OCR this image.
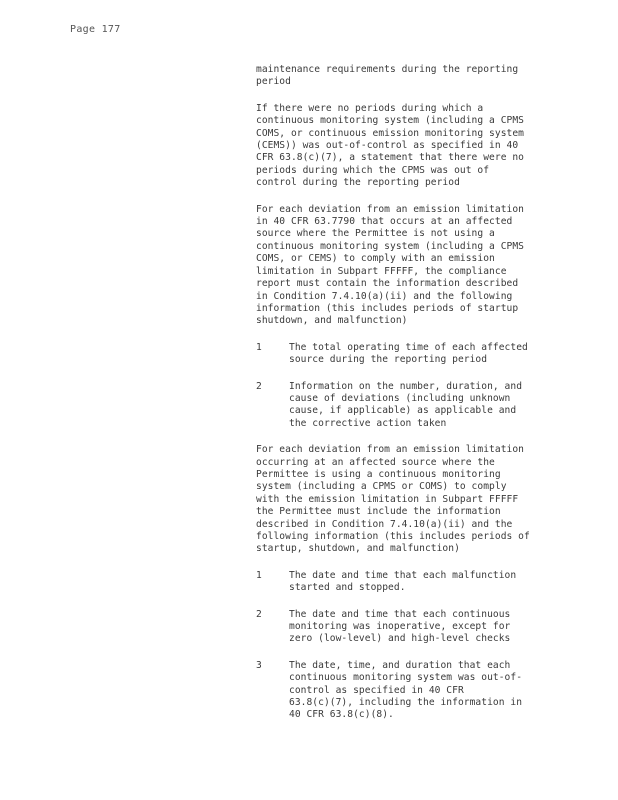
Page 177

maintenance requirements during the reporting
period

If there were no periods during which a
continuous monitoring system (including a CPMS
COMS, or continuous emission monitoring system
(CEMS)) was out-of-control as specified in 40
CFR 63.8(c)(7), a statement that there were no
periods during which the CPMS was out of
control during the reporting period

For each deviation from an emission limitation
in 40 CFR 63.7790 that occurs at an affected
source where the Permittee is not using a
continuous monitoring system (including a CPMS
COMS, or CEMS) to comply with an emission
limitation in Subpart FFFFF, the compliance
report must contain the information described
in Condition 7.4.10(a)(ii) and the following
information (this includes periods of startup
shutdown, and malfunction)

1	The total operating time of each affected
source during the reporting period
2	Information on the number, duration, and
cause of deviations (including unknown
cause, if applicable) as applicable and
the corrective action taken

For each deviation from an emission limitation
occurring at an affected source where the
Permittee is using a continuous monitoring
system (including a CPMS or COMS) to comply
with the emission limitation in Subpart FFFFF
the Permittee must include the information
described in Condition 7.4.10(a)(ii) and the
following information (this includes periods of
startup, shutdown, and malfunction)

1	The date and time that each malfunction
started and stopped.
2	The date and time that each continuous
monitoring was inoperative, except for
zero (low-level) and high-level checks
3	The date, time, and duration that each
continuous monitoring system was out-of-
control as specified in 40 CFR
63.8(c)(7), including the information in
40 CFR 63.8(c)(8).
